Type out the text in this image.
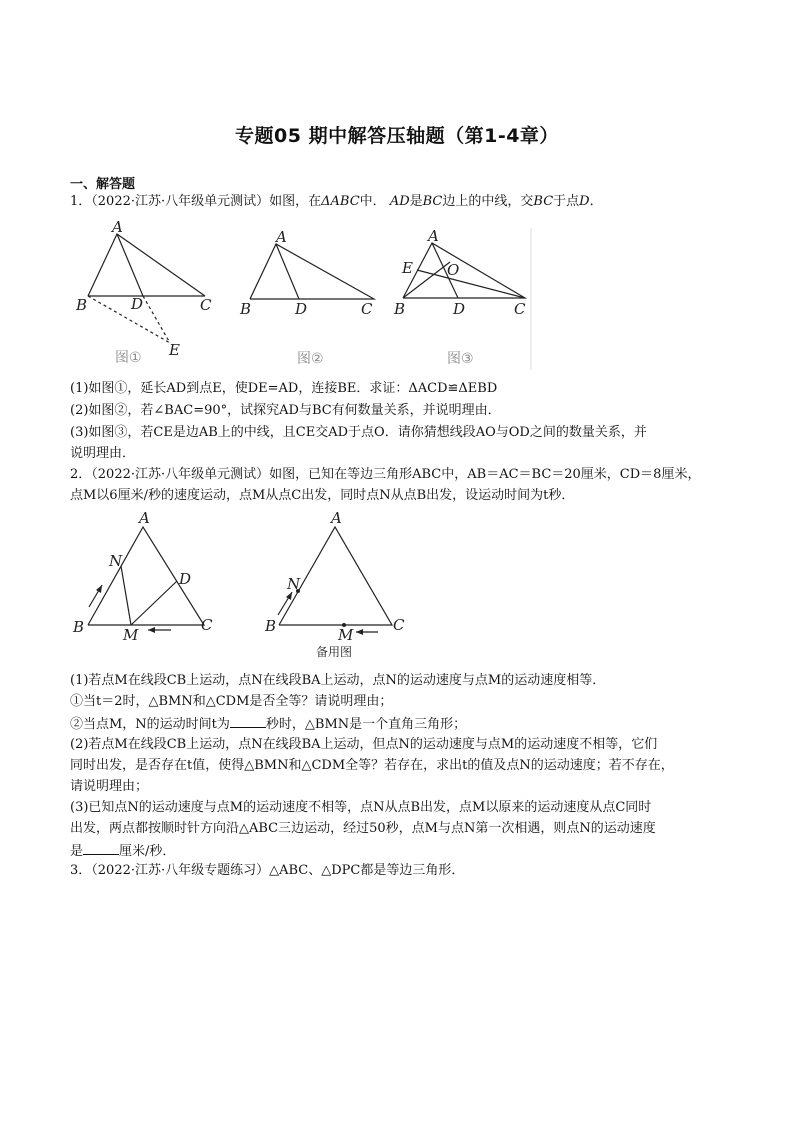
专题05 期中解答压轴题（第1-4章）
一、解答题
1．（2022·江苏·八年级单元测试）如图，在ΔABC中． AD是BC边上的中线，交BC于点D．
A
B	D	C
E
图①
A
B	D	C
图②
A
E O
B	D	C
图③
A
N
D
B	M
C
A
N
B	M
C
备用图
(1)如图①，延长AD到点E，使DE=AD，连接BE．求证：ΔACD≌ΔEBD
(2)如图②，若∠BAC=90°，试探究AD与BC有何数量关系，并说明理由．
(3)如图③，若CE是边AB上的中线，且CE交AD于点O．请你猜想线段AO与OD之间的数量关系，并
说明理由．
2．（2022·江苏·八年级单元测试）如图，已知在等边三角形ABC中，AB＝AC＝BC＝20厘米，CD＝8厘米，
点M以6厘米/秒的速度运动，点M从点C出发，同时点N从点B出发，设运动时间为t秒．
(1)若点M在线段CB上运动，点N在线段BA上运动，点N的运动速度与点M的运动速度相等．
①当t＝2时，△BMN和△CDM是否全等？请说明理由；
②当点M，N的运动时间t为	秒时，△BMN是一个直角三角形；
(2)若点M在线段CB上运动，点N在线段BA上运动，但点N的运动速度与点M的运动速度不相等，它们
同时出发，是否存在t值，使得△BMN和△CDM全等？若存在，求出t的值及点N的运动速度；若不存在，
请说明理由；
(3)已知点N的运动速度与点M的运动速度不相等，点N从点B出发，点M以原来的运动速度从点C同时
出发，两点都按顺时针方向沿△ABC三边运动，经过50秒，点M与点N第一次相遇，则点N的运动速度
是	厘米/秒．
3．（2022·江苏·八年级专题练习）△ABC、△DPC都是等边三角形．
